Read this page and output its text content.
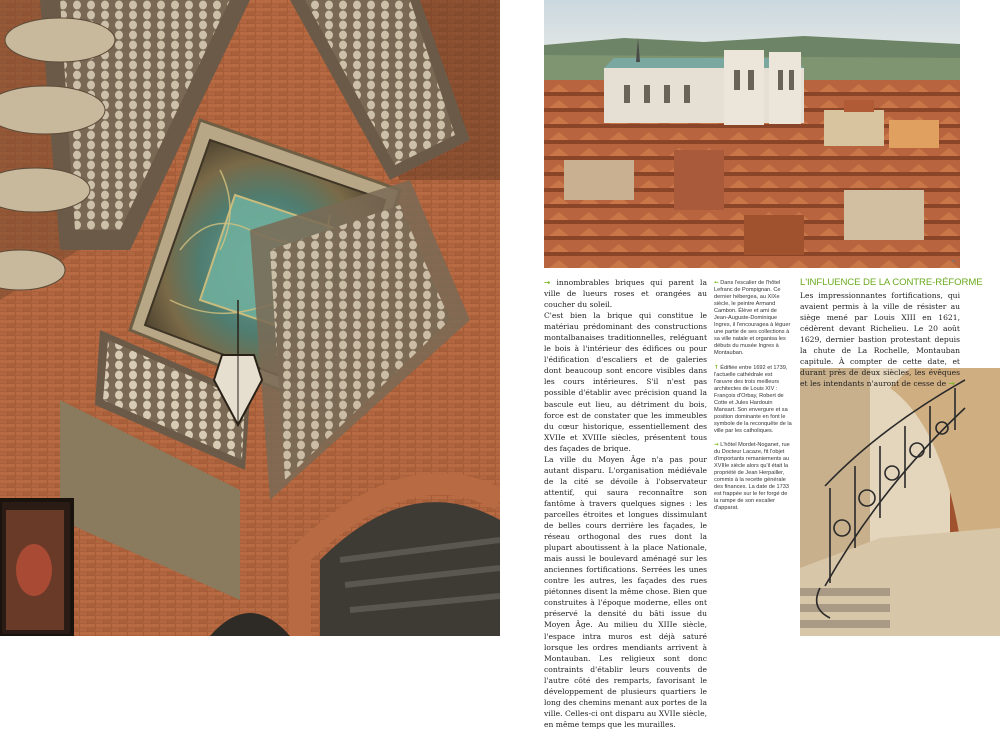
▪

→ innombrables briques qui parent la ville de lueurs roses et orangées au coucher du soleil.

C'est bien la brique qui constitue le matériau prédominant des constructions montalbanaises traditionnelles, reléguant le bois à l'intérieur des édifices ou pour l'édification d'escaliers et de galeries dont beaucoup sont encore visibles dans les cours intérieures. S'il n'est pas possible d'établir avec précision quand la bascule eut lieu, au détriment du bois, force est de constater que les immeubles du cœur historique, essentiellement des XVIIe et XVIIIe siècles, présentent tous des façades de brique.

La ville du Moyen Âge n'a pas pour autant disparu. L'organisation médiévale de la cité se dévoile à l'observateur attentif, qui saura reconnaître son fantôme à travers quelques signes : les parcelles étroites et longues dissimulant de belles cours derrière les façades, le réseau orthogonal des rues dont la plupart aboutissent à la place Nationale, mais aussi le boulevard aménagé sur les anciennes fortifications. Serrées les unes contre les autres, les façades des rues piétonnes disent la même chose. Bien que construites à l'époque moderne, elles ont préservé la densité du bâti issue du Moyen Âge. Au milieu du XIIIe siècle, l'espace intra muros est déjà saturé lorsque les ordres mendiants arrivent à Montauban. Les religieux sont donc contraints d'établir leurs couvents de l'autre côté des remparts, favorisant le développement de plusieurs quartiers le long des chemins menant aux portes de la ville. Celles-ci ont disparu au XVIIe siècle, en même temps que les murailles.

← Dans l'escalier de l'hôtel Lefranc de Pompignan. Ce dernier hébergea, au XIXe siècle, le peintre Armand Cambon. Élève et ami de Jean-Auguste-Dominique Ingres, il l'encouragea à léguer une partie de ses collections à sa ville natale et organisa les débuts du musée Ingres à Montauban.

↑ Édifiée entre 1692 et 1739, l'actuelle cathédrale est l'œuvre des trois meilleurs architectes de Louis XIV : François d'Orbay, Robert de Cotte et Jules Hardouin Mansart. Son envergure et sa position dominante en font le symbole de la reconquête de la ville par les catholiques.

→ L'hôtel Mordet-Noganet, rue du Docteur Lacaze, fit l'objet d'importants remaniements au XVIIIe siècle alors qu'il était la propriété de Jean Herpailler, commis à la recette générale des finances. La date de 1733 est frappée sur le fer forgé de la rampe de son escalier d'apparat.

L'INFLUENCE DE LA CONTRE-RÉFORME

Les impressionnantes fortifications, qui avaient permis à la ville de résister au siège mené par Louis XIII en 1621, cédèrent devant Richelieu. Le 20 août 1629, dernier bastion protestant depuis la chute de La Rochelle, Montauban capitule. À compter de cette date, et durant près de deux siècles, les évêques et les intendants n'auront de cesse de →
